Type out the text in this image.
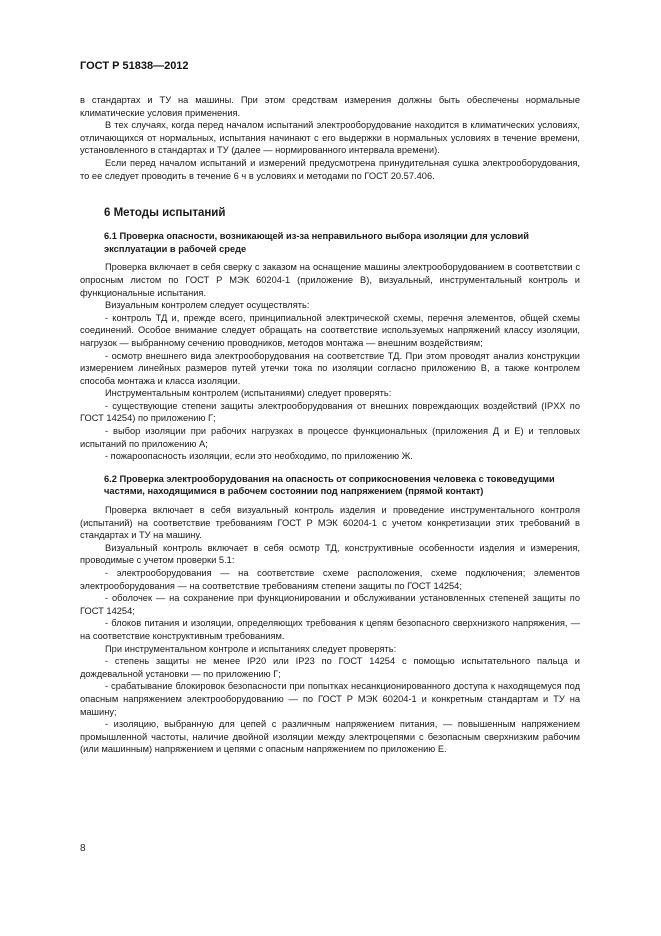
ГОСТ Р 51838—2012

в стандартах и ТУ на машины. При этом средствам измерения должны быть обеспечены нормальные климатические условия применения.

В тех случаях, когда перед началом испытаний электрооборудование находится в климатических условиях, отличающихся от нормальных, испытания начинают с его выдержки в нормальных условиях в течение времени, установленного в стандартах и ТУ (далее — нормированного интервала времени).

Если перед началом испытаний и измерений предусмотрена принудительная сушка электрооборудования, то ее следует проводить в течение 6 ч в условиях и методами по ГОСТ 20.57.406.

6 Методы испытаний

6.1 Проверка опасности, возникающей из-за неправильного выбора изоляции для условий эксплуатации в рабочей среде

Проверка включает в себя сверку с заказом на оснащение машины электрооборудованием в соответствии с опросным листом по ГОСТ Р МЭК 60204-1 (приложение В), визуальный, инструментальный контроль и функциональные испытания.

Визуальным контролем следует осуществлять:

- контроль ТД и, прежде всего, принципиальной электрической схемы, перечня элементов, общей схемы соединений. Особое внимание следует обращать на соответствие используемых напряжений классу изоляции, нагрузок — выбранному сечению проводников, методов монтажа — внешним воздействиям;

- осмотр внешнего вида электрооборудования на соответствие ТД. При этом проводят анализ конструкции измерением линейных размеров путей утечки тока по изоляции согласно приложению В, а также контролем способа монтажа и класса изоляции.

Инструментальным контролем (испытаниями) следует проверять:

- существующие степени защиты электрооборудования от внешних повреждающих воздействий (IPXX по ГОСТ 14254) по приложению Г;

- выбор изоляции при рабочих нагрузках в процессе функциональных (приложения Д и Е) и тепловых испытаний по приложению А;

- пожароопасность изоляции, если это необходимо, по приложению Ж.

6.2 Проверка электрооборудования на опасность от соприкосновения человека с токоведущими частями, находящимися в рабочем состоянии под напряжением (прямой контакт)

Проверка включает в себя визуальный контроль изделия и проведение инструментального контроля (испытаний) на соответствие требованиям ГОСТ Р МЭК 60204-1 с учетом конкретизации этих требований в стандартах и ТУ на машину.

Визуальный контроль включает в себя осмотр ТД, конструктивные особенности изделия и измерения, проводимые с учетом проверки 5.1:

- электрооборудования — на соответствие схеме расположения, схеме подключения; элементов электрооборудования — на соответствие требованиям степени защиты по ГОСТ 14254;

- оболочек — на сохранение при функционировании и обслуживании установленных степеней защиты по ГОСТ 14254;

- блоков питания и изоляции, определяющих требования к цепям безопасного сверхнизкого напряжения, — на соответствие конструктивным требованиям.

При инструментальном контроле и испытаниях следует проверять:

- степень защиты не менее IP20 или IP23 по ГОСТ 14254 с помощью испытательного пальца и дождевальной установки — по приложению Г;

- срабатывание блокировок безопасности при попытках несанкционированного доступа к находящемуся под опасным напряжением электрооборудованию — по ГОСТ Р МЭК 60204-1 и конкретным стандартам и ТУ на машину;

- изоляцию, выбранную для цепей с различным напряжением питания, — повышенным напряжением промышленной частоты, наличие двойной изоляции между электроцепями с безопасным сверхнизким рабочим (или машинным) напряжением и цепями с опасным напряжением по приложению Е.

8
